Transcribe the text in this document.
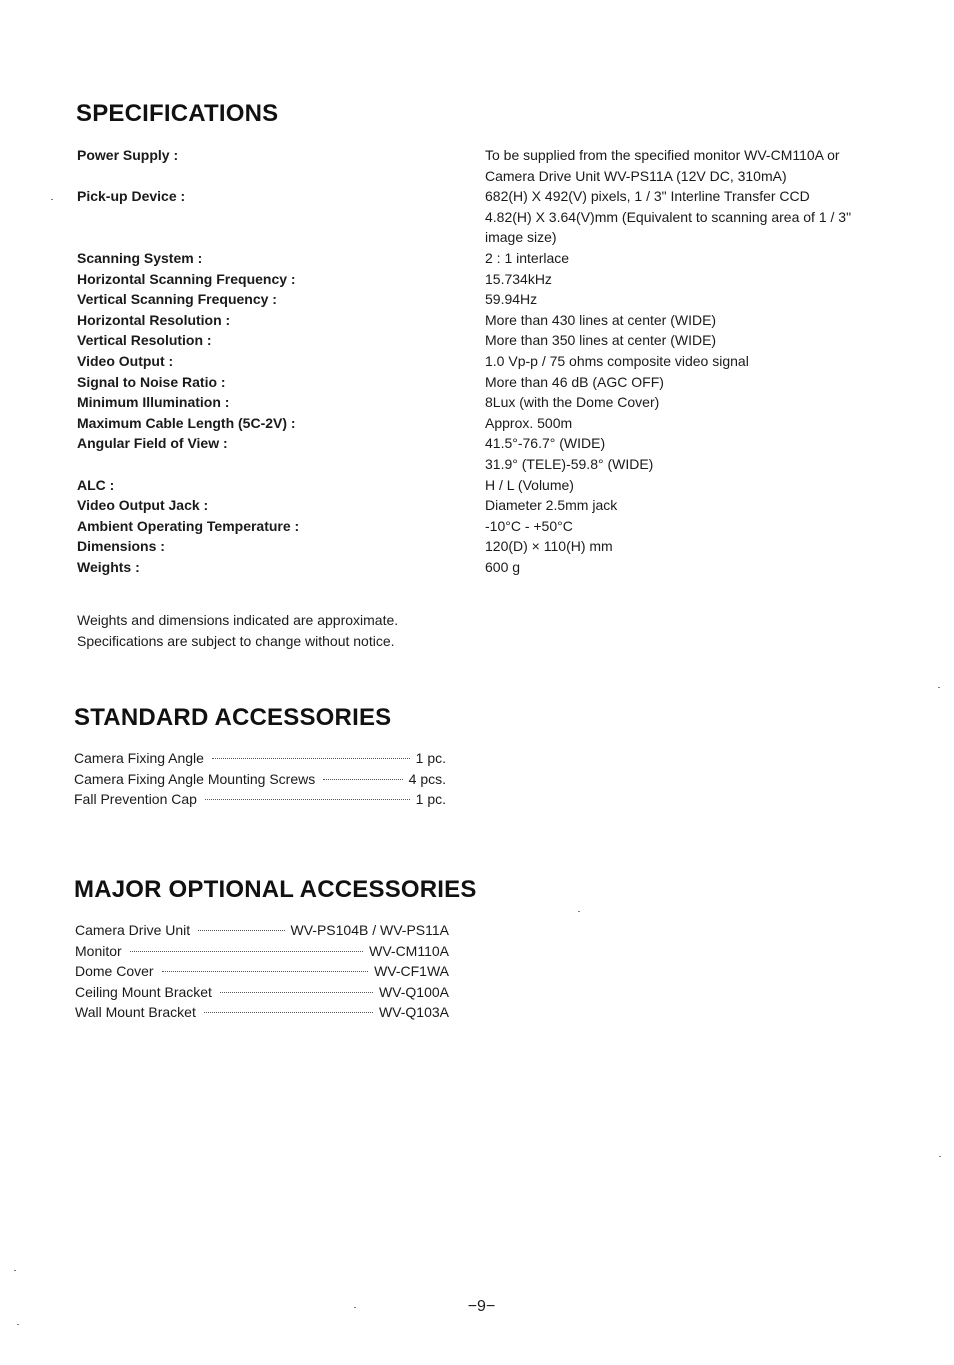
SPECIFICATIONS
Power Supply :	To be supplied from the specified monitor WV-CM110A or
Camera Drive Unit WV-PS11A (12V DC, 310mA)
Pick-up Device :	682(H) X 492(V) pixels, 1 / 3" Interline Transfer CCD
4.82(H) X 3.64(V)mm (Equivalent to scanning area of 1 / 3"
image size)
Scanning System :	2 : 1 interlace
Horizontal Scanning Frequency :	15.734kHz
Vertical Scanning Frequency :	59.94Hz
Horizontal Resolution :	More than 430 lines at center (WIDE)
Vertical Resolution :	More than 350 lines at center (WIDE)
Video Output :	1.0 Vp-p / 75 ohms composite video signal
Signal to Noise Ratio :	More than 46 dB (AGC OFF)
Minimum Illumination :	8Lux (with the Dome Cover)
Maximum Cable Length (5C-2V) :	Approx. 500m
Angular Field of View :	41.5°-76.7° (WIDE)
31.9° (TELE)-59.8° (WIDE)
ALC :	H / L (Volume)
Video Output Jack :	Diameter 2.5mm jack
Ambient Operating Temperature :	-10°C - +50°C
Dimensions :	120(D) × 110(H) mm
Weights :	600 g
Weights and dimensions indicated are approximate.
Specifications are subject to change without notice.
STANDARD ACCESSORIES
Camera Fixing Angle	1 pc.
Camera Fixing Angle Mounting Screws	4 pcs.
Fall Prevention Cap	1 pc.
MAJOR OPTIONAL ACCESSORIES
Camera Drive Unit	WV-PS104B / WV-PS11A
Monitor	WV-CM110A
Dome Cover	WV-CF1WA
Ceiling Mount Bracket	WV-Q100A
Wall Mount Bracket	WV-Q103A
−9−
